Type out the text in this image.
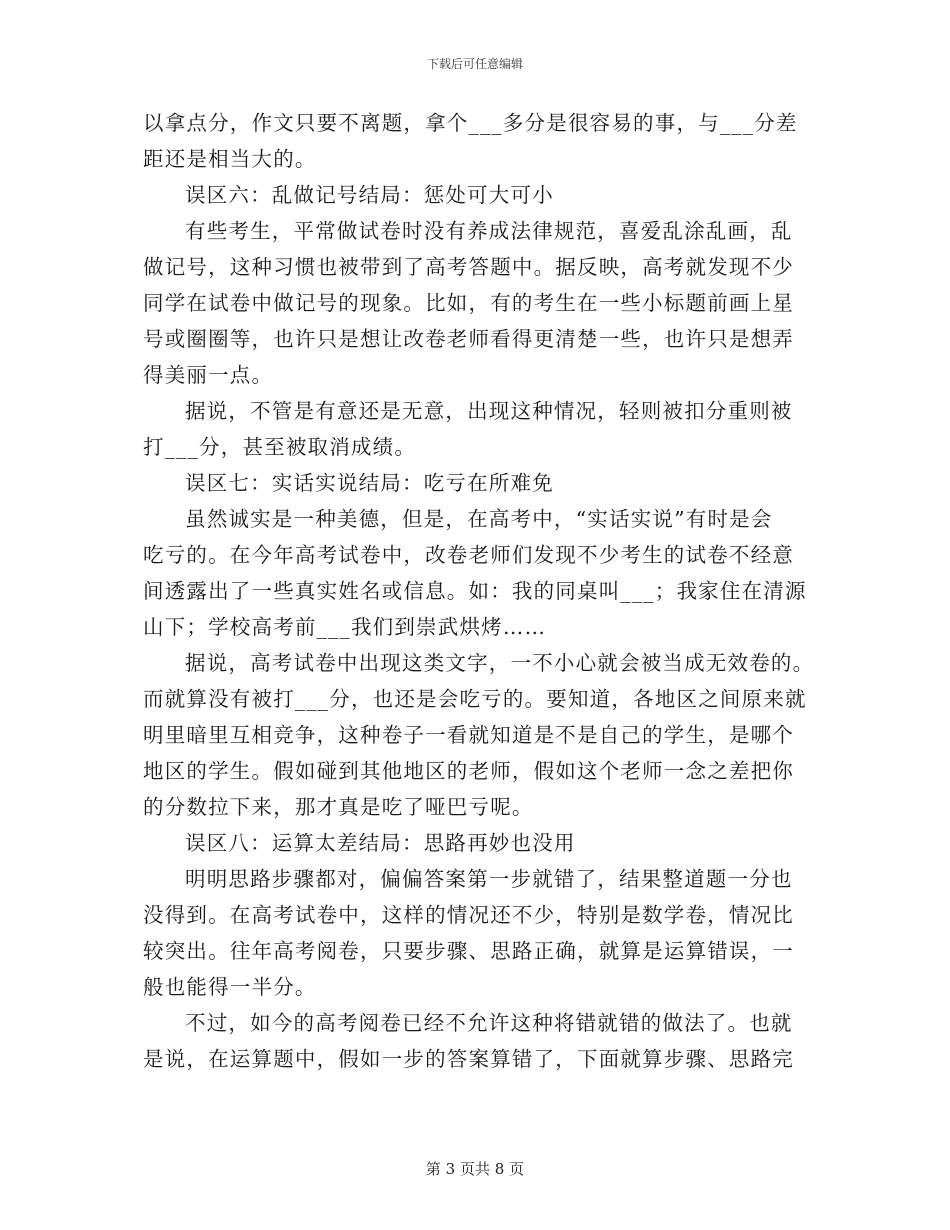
下载后可任意编辑
以拿点分，作文只要不离题，拿个___多分是很容易的事，与___分差
距还是相当大的。
误区六：乱做记号结局：惩处可大可小
有些考生，平常做试卷时没有养成法律规范，喜爱乱涂乱画，乱
做记号，这种习惯也被带到了高考答题中。据反映，高考就发现不少
同学在试卷中做记号的现象。比如，有的考生在一些小标题前画上星
号或圈圈等，也许只是想让改卷老师看得更清楚一些，也许只是想弄
得美丽一点。
据说，不管是有意还是无意，出现这种情况，轻则被扣分重则被
打___分，甚至被取消成绩。
误区七：实话实说结局：吃亏在所难免
虽然诚实是一种美德，但是，在高考中，“实话实说”有时是会
吃亏的。在今年高考试卷中，改卷老师们发现不少考生的试卷不经意
间透露出了一些真实姓名或信息。如：我的同桌叫___；我家住在清源
山下；学校高考前___我们到崇武烘烤……
据说，高考试卷中出现这类文字，一不小心就会被当成无效卷的。
而就算没有被打___分，也还是会吃亏的。要知道，各地区之间原来就
明里暗里互相竞争，这种卷子一看就知道是不是自己的学生，是哪个
地区的学生。假如碰到其他地区的老师，假如这个老师一念之差把你
的分数拉下来，那才真是吃了哑巴亏呢。
误区八：运算太差结局：思路再妙也没用
明明思路步骤都对，偏偏答案第一步就错了，结果整道题一分也
没得到。在高考试卷中，这样的情况还不少，特别是数学卷，情况比
较突出。往年高考阅卷，只要步骤、思路正确，就算是运算错误，一
般也能得一半分。
不过，如今的高考阅卷已经不允许这种将错就错的做法了。也就
是说，在运算题中，假如一步的答案算错了，下面就算步骤、思路完
第 3 页共 8 页
